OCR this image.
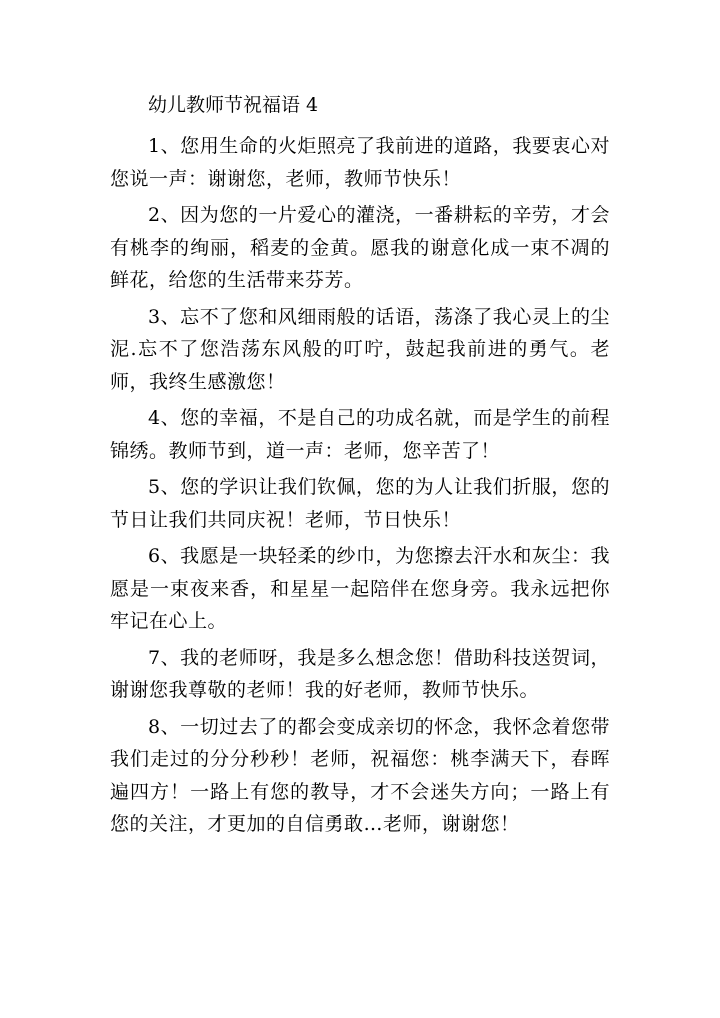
幼儿教师节祝福语 4

1、您用生命的火炬照亮了我前进的道路，我要衷心对您说一声：谢谢您，老师，教师节快乐！

2、因为您的一片爱心的灌浇，一番耕耘的辛劳，才会有桃李的绚丽，稻麦的金黄。愿我的谢意化成一束不凋的鲜花，给您的生活带来芬芳。

3、忘不了您和风细雨般的话语，荡涤了我心灵上的尘泥.忘不了您浩荡东风般的叮咛，鼓起我前进的勇气。老师，我终生感激您！

4、您的幸福，不是自己的功成名就，而是学生的前程锦绣。教师节到，道一声：老师，您辛苦了！

5、您的学识让我们钦佩，您的为人让我们折服，您的节日让我们共同庆祝！老师，节日快乐！

6、我愿是一块轻柔的纱巾，为您擦去汗水和灰尘：我愿是一束夜来香，和星星一起陪伴在您身旁。我永远把你牢记在心上。

7、我的老师呀，我是多么想念您！借助科技送贺词，谢谢您我尊敬的老师！我的好老师，教师节快乐。

8、一切过去了的都会变成亲切的怀念，我怀念着您带我们走过的分分秒秒！老师，祝福您：桃李满天下，春晖遍四方！一路上有您的教导，才不会迷失方向；一路上有您的关注，才更加的自信勇敢…老师，谢谢您！
